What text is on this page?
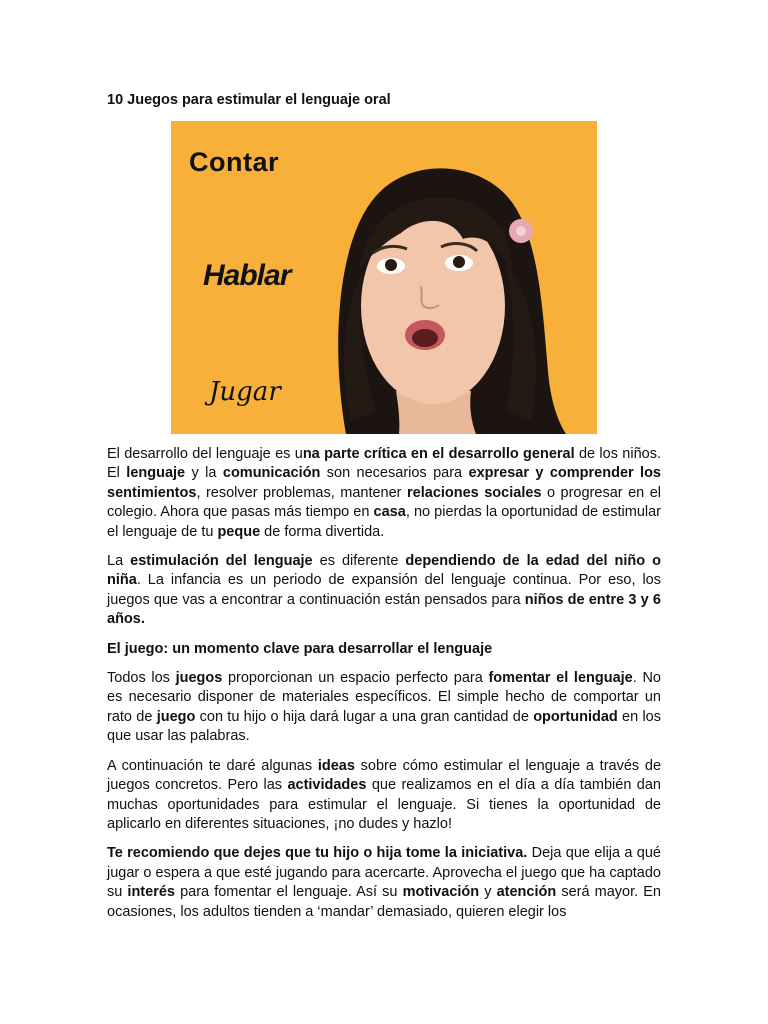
10 Juegos para estimular el lenguaje oral
Contar
Hablar
Jugar

El desarrollo del lenguaje es una parte crítica en el desarrollo general de los niños. El lenguaje y la comunicación son necesarios para expresar y comprender los sentimientos, resolver problemas, mantener relaciones sociales o progresar en el colegio. Ahora que pasas más tiempo en casa, no pierdas la oportunidad de estimular el lenguaje de tu peque de forma divertida.

La estimulación del lenguaje es diferente dependiendo de la edad del niño o niña. La infancia es un periodo de expansión del lenguaje continua. Por eso, los juegos que vas a encontrar a continuación están pensados para niños de entre 3 y 6 años.

El juego: un momento clave para desarrollar el lenguaje

Todos los juegos proporcionan un espacio perfecto para fomentar el lenguaje. No es necesario disponer de materiales específicos. El simple hecho de comportar un rato de juego con tu hijo o hija dará lugar a una gran cantidad de oportunidad en los que usar las palabras.

A continuación te daré algunas ideas sobre cómo estimular el lenguaje a través de juegos concretos. Pero las actividades que realizamos en el día a día también dan muchas oportunidades para estimular el lenguaje. Si tienes la oportunidad de aplicarlo en diferentes situaciones, ¡no dudes y hazlo!

Te recomiendo que dejes que tu hijo o hija tome la iniciativa. Deja que elija a qué jugar o espera a que esté jugando para acercarte. Aprovecha el juego que ha captado su interés para fomentar el lenguaje. Así su motivación y atención será mayor. En ocasiones, los adultos tienden a ‘mandar’ demasiado, quieren elegir los
